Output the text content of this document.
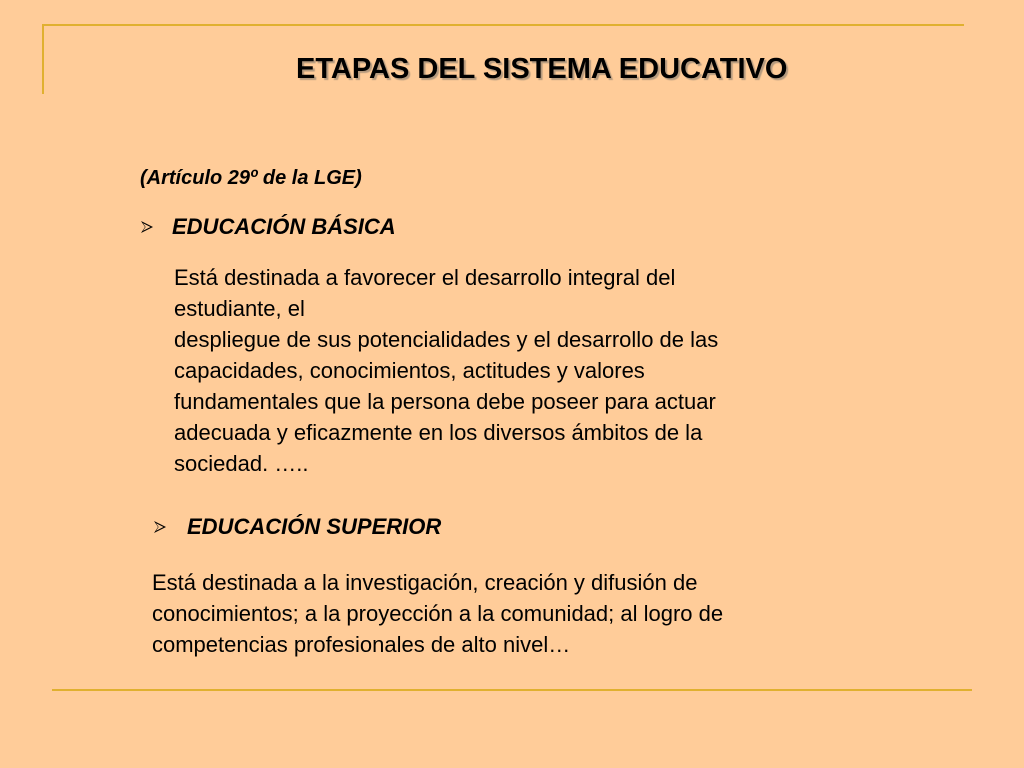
ETAPAS DEL SISTEMA EDUCATIVO
(Artículo 29º de la LGE)
EDUCACIÓN BÁSICA
Está destinada a favorecer el desarrollo integral del
estudiante, el
despliegue de sus potencialidades y el desarrollo de las
capacidades, conocimientos, actitudes y valores
fundamentales que la persona debe poseer para actuar
adecuada y eficazmente en los diversos ámbitos de la
sociedad. …..
EDUCACIÓN SUPERIOR
Está destinada a la investigación, creación y difusión de
conocimientos; a la proyección a la comunidad; al logro de
competencias profesionales de alto nivel…
